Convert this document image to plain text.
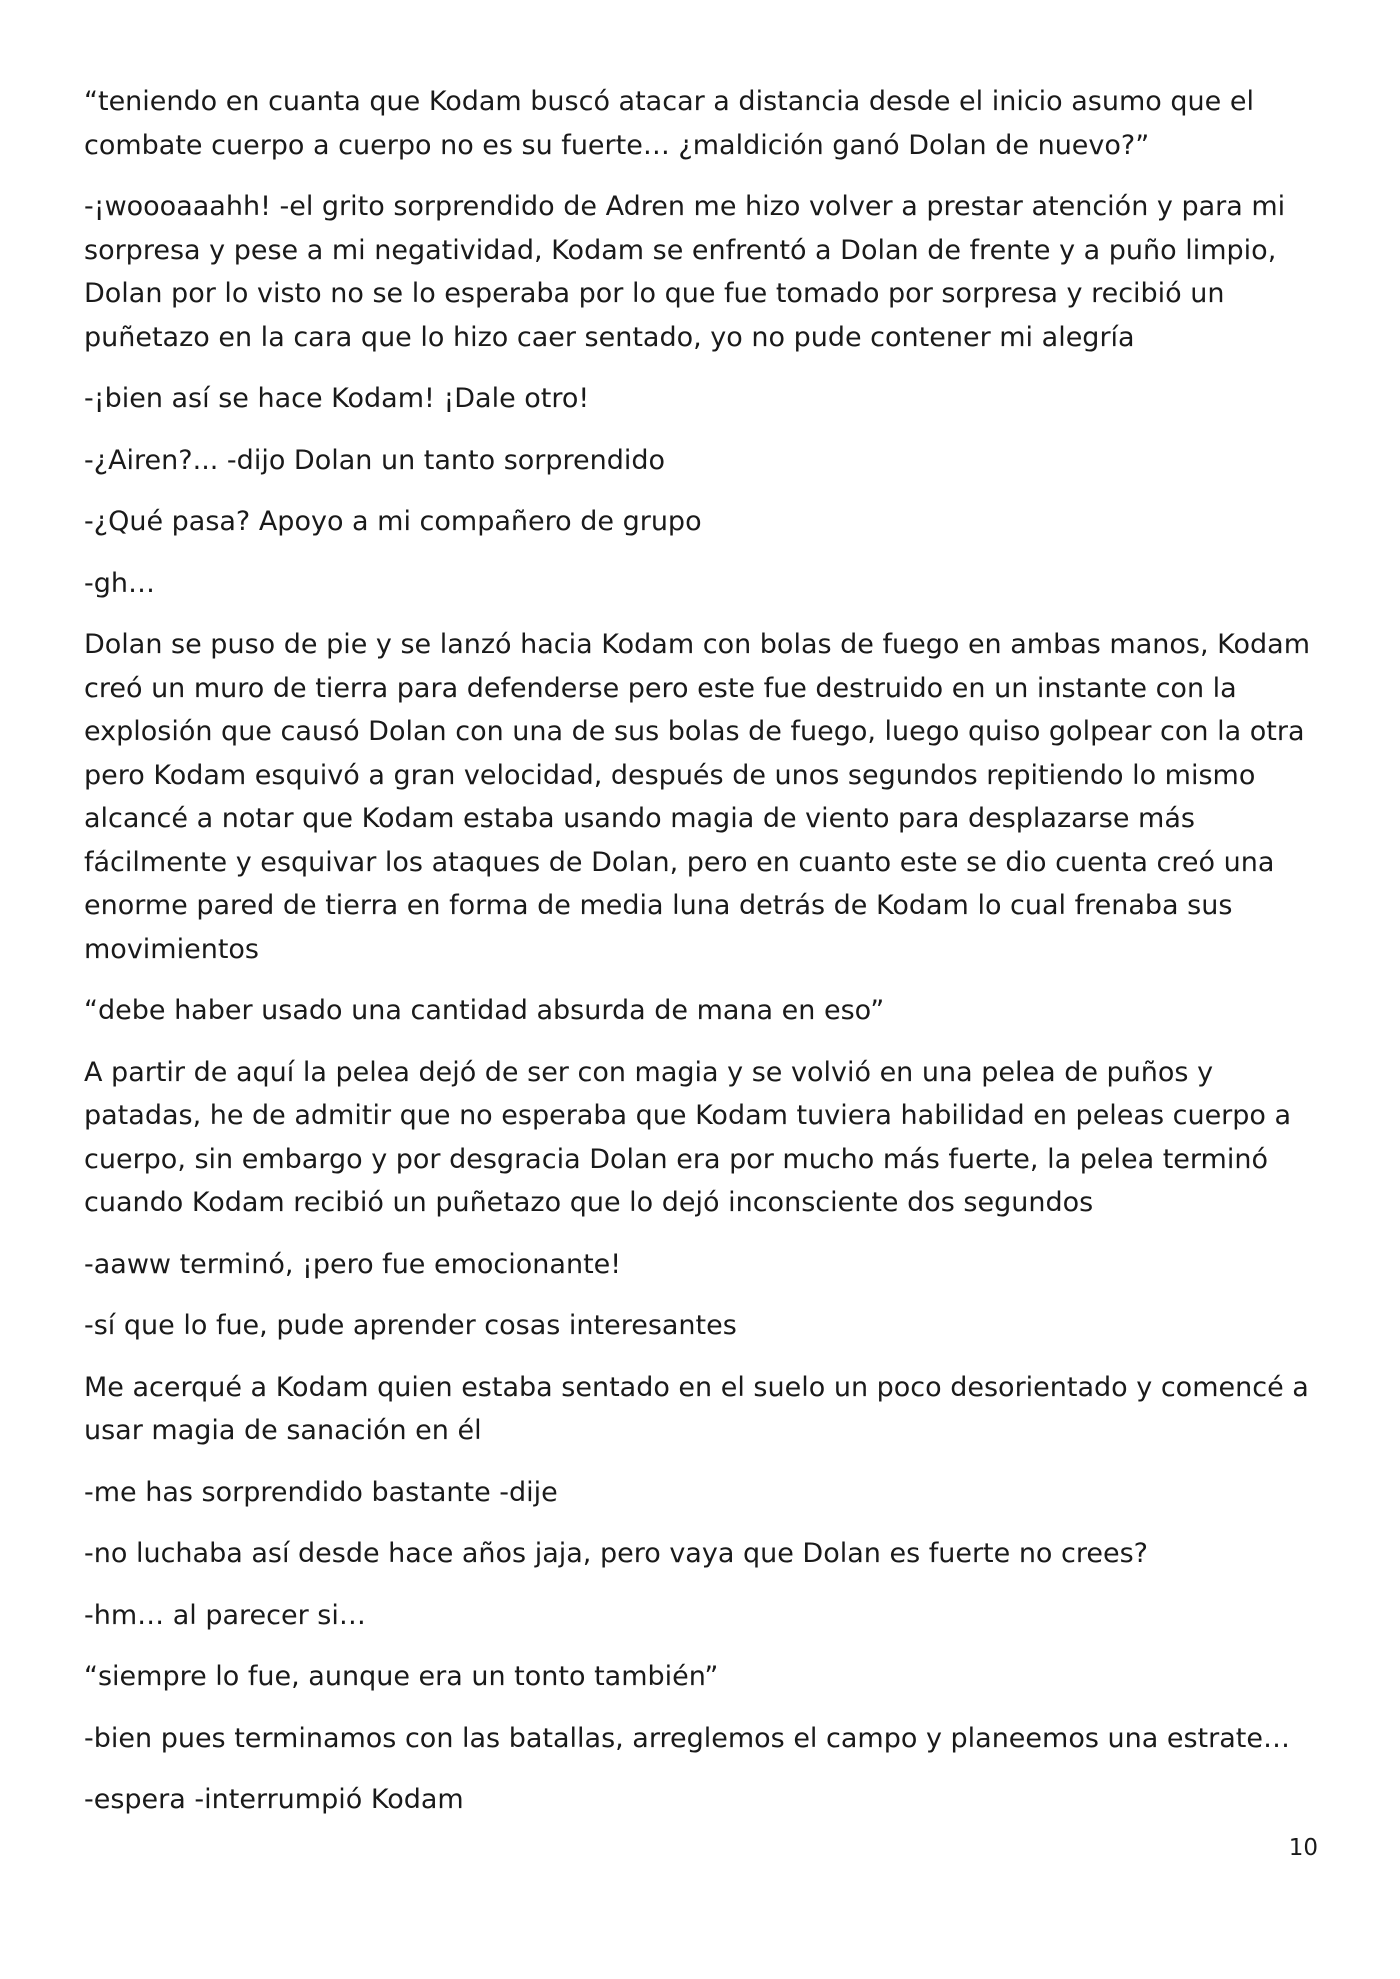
“teniendo en cuanta que Kodam buscó atacar a distancia desde el inicio asumo que el combate cuerpo a cuerpo no es su fuerte… ¿maldición ganó Dolan de nuevo?”

-¡woooaaahh! -el grito sorprendido de Adren me hizo volver a prestar atención y para mi sorpresa y pese a mi negatividad, Kodam se enfrentó a Dolan de frente y a puño limpio, Dolan por lo visto no se lo esperaba por lo que fue tomado por sorpresa y recibió un puñetazo en la cara que lo hizo caer sentado, yo no pude contener mi alegría

-¡bien así se hace Kodam! ¡Dale otro!

-¿Airen?... -dijo Dolan un tanto sorprendido

-¿Qué pasa? Apoyo a mi compañero de grupo

-gh…

Dolan se puso de pie y se lanzó hacia Kodam con bolas de fuego en ambas manos, Kodam creó un muro de tierra para defenderse pero este fue destruido en un instante con la explosión que causó Dolan con una de sus bolas de fuego, luego quiso golpear con la otra pero Kodam esquivó a gran velocidad, después de unos segundos repitiendo lo mismo alcancé a notar que Kodam estaba usando magia de viento para desplazarse más fácilmente y esquivar los ataques de Dolan, pero en cuanto este se dio cuenta creó una enorme pared de tierra en forma de media luna detrás de Kodam lo cual frenaba sus movimientos

“debe haber usado una cantidad absurda de mana en eso”

A partir de aquí la pelea dejó de ser con magia y se volvió en una pelea de puños y patadas, he de admitir que no esperaba que Kodam tuviera habilidad en peleas cuerpo a cuerpo, sin embargo y por desgracia Dolan era por mucho más fuerte, la pelea terminó cuando Kodam recibió un puñetazo que lo dejó inconsciente dos segundos

-aaww terminó, ¡pero fue emocionante!

-sí que lo fue, pude aprender cosas interesantes

Me acerqué a Kodam quien estaba sentado en el suelo un poco desorientado y comencé a usar magia de sanación en él

-me has sorprendido bastante -dije

-no luchaba así desde hace años jaja, pero vaya que Dolan es fuerte no crees?

-hm… al parecer si…

“siempre lo fue, aunque era un tonto también”

-bien pues terminamos con las batallas, arreglemos el campo y planeemos una estrate…

-espera -interrumpió Kodam

10
